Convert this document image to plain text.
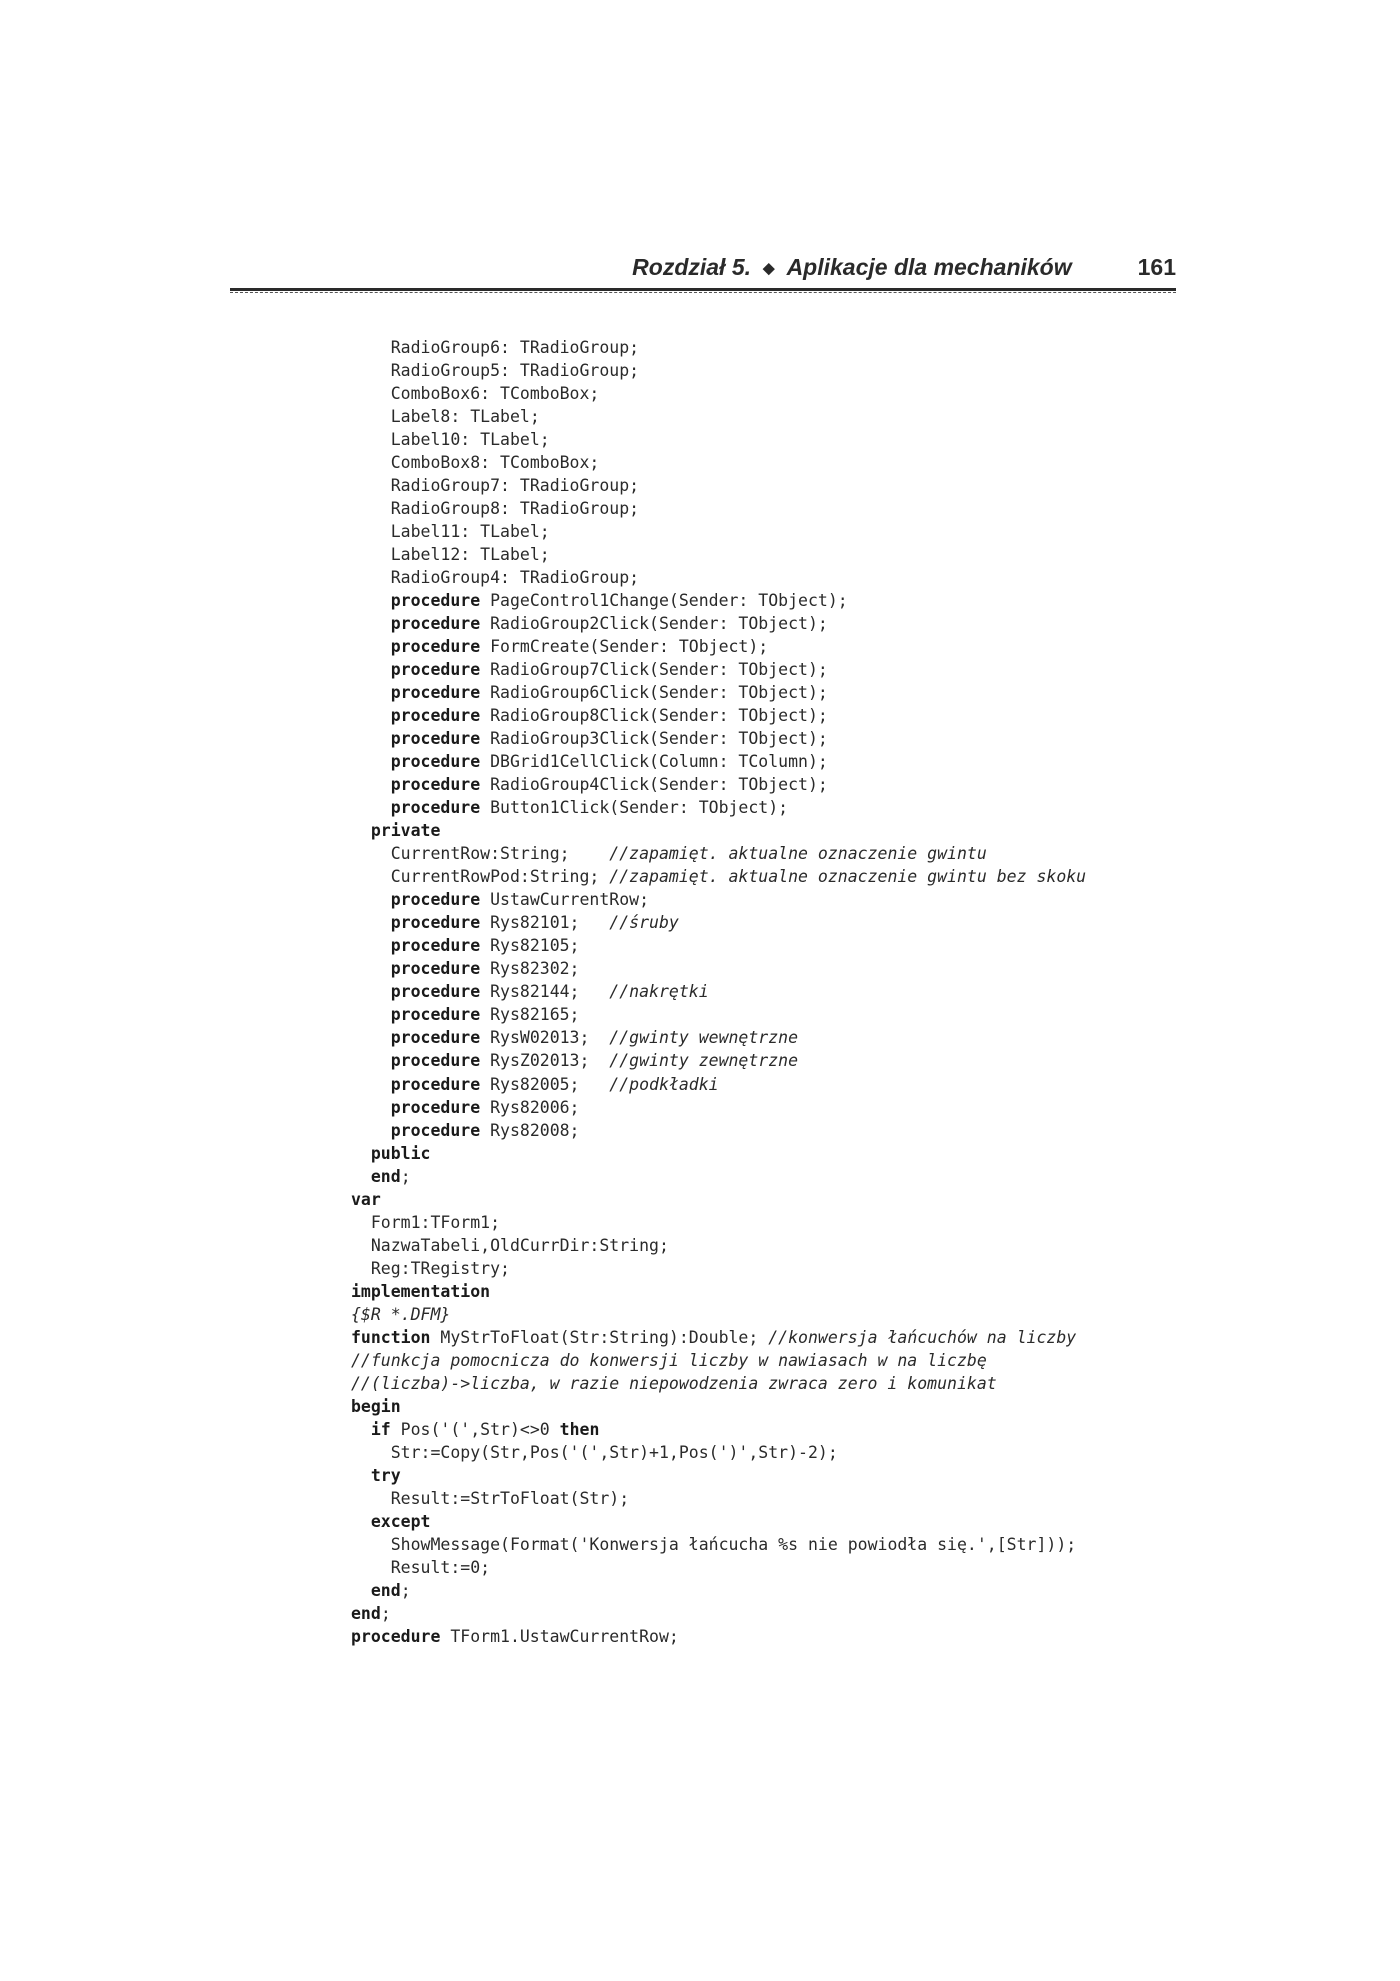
Rozdział 5. ◆ Aplikacje dla mechaników	161
RadioGroup6: TRadioGroup;
RadioGroup5: TRadioGroup;
ComboBox6: TComboBox;
Label8: TLabel;
Label10: TLabel;
ComboBox8: TComboBox;
RadioGroup7: TRadioGroup;
RadioGroup8: TRadioGroup;
Label11: TLabel;
Label12: TLabel;
RadioGroup4: TRadioGroup;
procedure PageControl1Change(Sender: TObject);
procedure RadioGroup2Click(Sender: TObject);
procedure FormCreate(Sender: TObject);
procedure RadioGroup7Click(Sender: TObject);
procedure RadioGroup6Click(Sender: TObject);
procedure RadioGroup8Click(Sender: TObject);
procedure RadioGroup3Click(Sender: TObject);
procedure DBGrid1CellClick(Column: TColumn);
procedure RadioGroup4Click(Sender: TObject);
procedure Button1Click(Sender: TObject);
private
CurrentRow:String;    //zapamięt. aktualne oznaczenie gwintu
CurrentRowPod:String; //zapamięt. aktualne oznaczenie gwintu bez skoku
procedure UstawCurrentRow;
procedure Rys82101;   //śruby
procedure Rys82105;
procedure Rys82302;
procedure Rys82144;   //nakrętki
procedure Rys82165;
procedure RysW02013;  //gwinty wewnętrzne
procedure RysZ02013;  //gwinty zewnętrzne
procedure Rys82005;   //podkładki
procedure Rys82006;
procedure Rys82008;
public
end;
var
Form1:TForm1;
NazwaTabeli,OldCurrDir:String;
Reg:TRegistry;
implementation
{$R *.DFM}
function MyStrToFloat(Str:String):Double; //konwersja łańcuchów na liczby
//funkcja pomocnicza do konwersji liczby w nawiasach w na liczbę
//(liczba)->liczba, w razie niepowodzenia zwraca zero i komunikat
begin
if Pos('(',Str)<>0 then
Str:=Copy(Str,Pos('(',Str)+1,Pos(')',Str)-2);
try
Result:=StrToFloat(Str);
except
ShowMessage(Format('Konwersja łańcucha %s nie powiodła się.',[Str]));
Result:=0;
end;
end;
procedure TForm1.UstawCurrentRow;
